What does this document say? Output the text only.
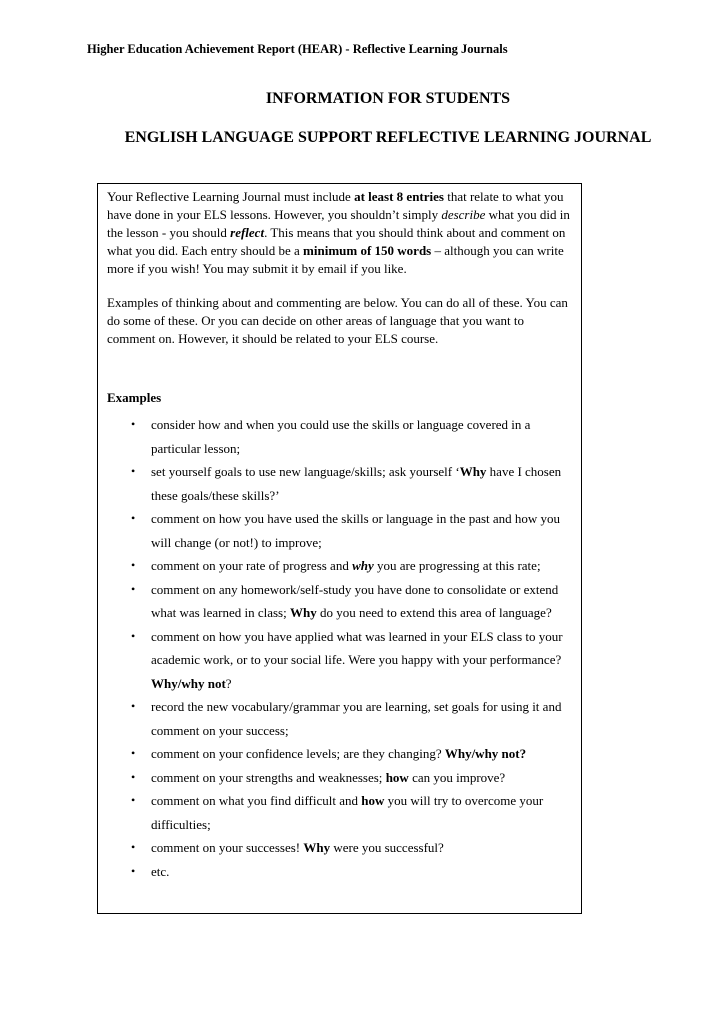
Higher Education Achievement Report (HEAR) - Reflective Learning Journals
INFORMATION FOR STUDENTS
ENGLISH LANGUAGE SUPPORT REFLECTIVE LEARNING JOURNAL

Your Reflective Learning Journal must include at least 8 entries that relate to what you have done in your ELS lessons. However, you shouldn’t simply describe what you did in the lesson - you should reflect. This means that you should think about and comment on what you did. Each entry should be a minimum of 150 words – although you can write more if you wish! You may submit it by email if you like.

Examples of thinking about and commenting are below. You can do all of these. You can do some of these. Or you can decide on other areas of language that you want to comment on. However, it should be related to your ELS course.

Examples
• consider how and when you could use the skills or language covered in a particular lesson;
• set yourself goals to use new language/skills; ask yourself ‘Why have I chosen these goals/these skills?’
• comment on how you have used the skills or language in the past and how you will change (or not!) to improve;
• comment on your rate of progress and why you are progressing at this rate;
• comment on any homework/self-study you have done to consolidate or extend what was learned in class; Why do you need to extend this area of language?
• comment on how you have applied what was learned in your ELS class to your academic work, or to your social life. Were you happy with your performance? Why/why not?
• record the new vocabulary/grammar you are learning, set goals for using it and comment on your success;
• comment on your confidence levels; are they changing? Why/why not?
• comment on your strengths and weaknesses; how can you improve?
• comment on what you find difficult and how you will try to overcome your difficulties;
• comment on your successes! Why were you successful?
• etc.
